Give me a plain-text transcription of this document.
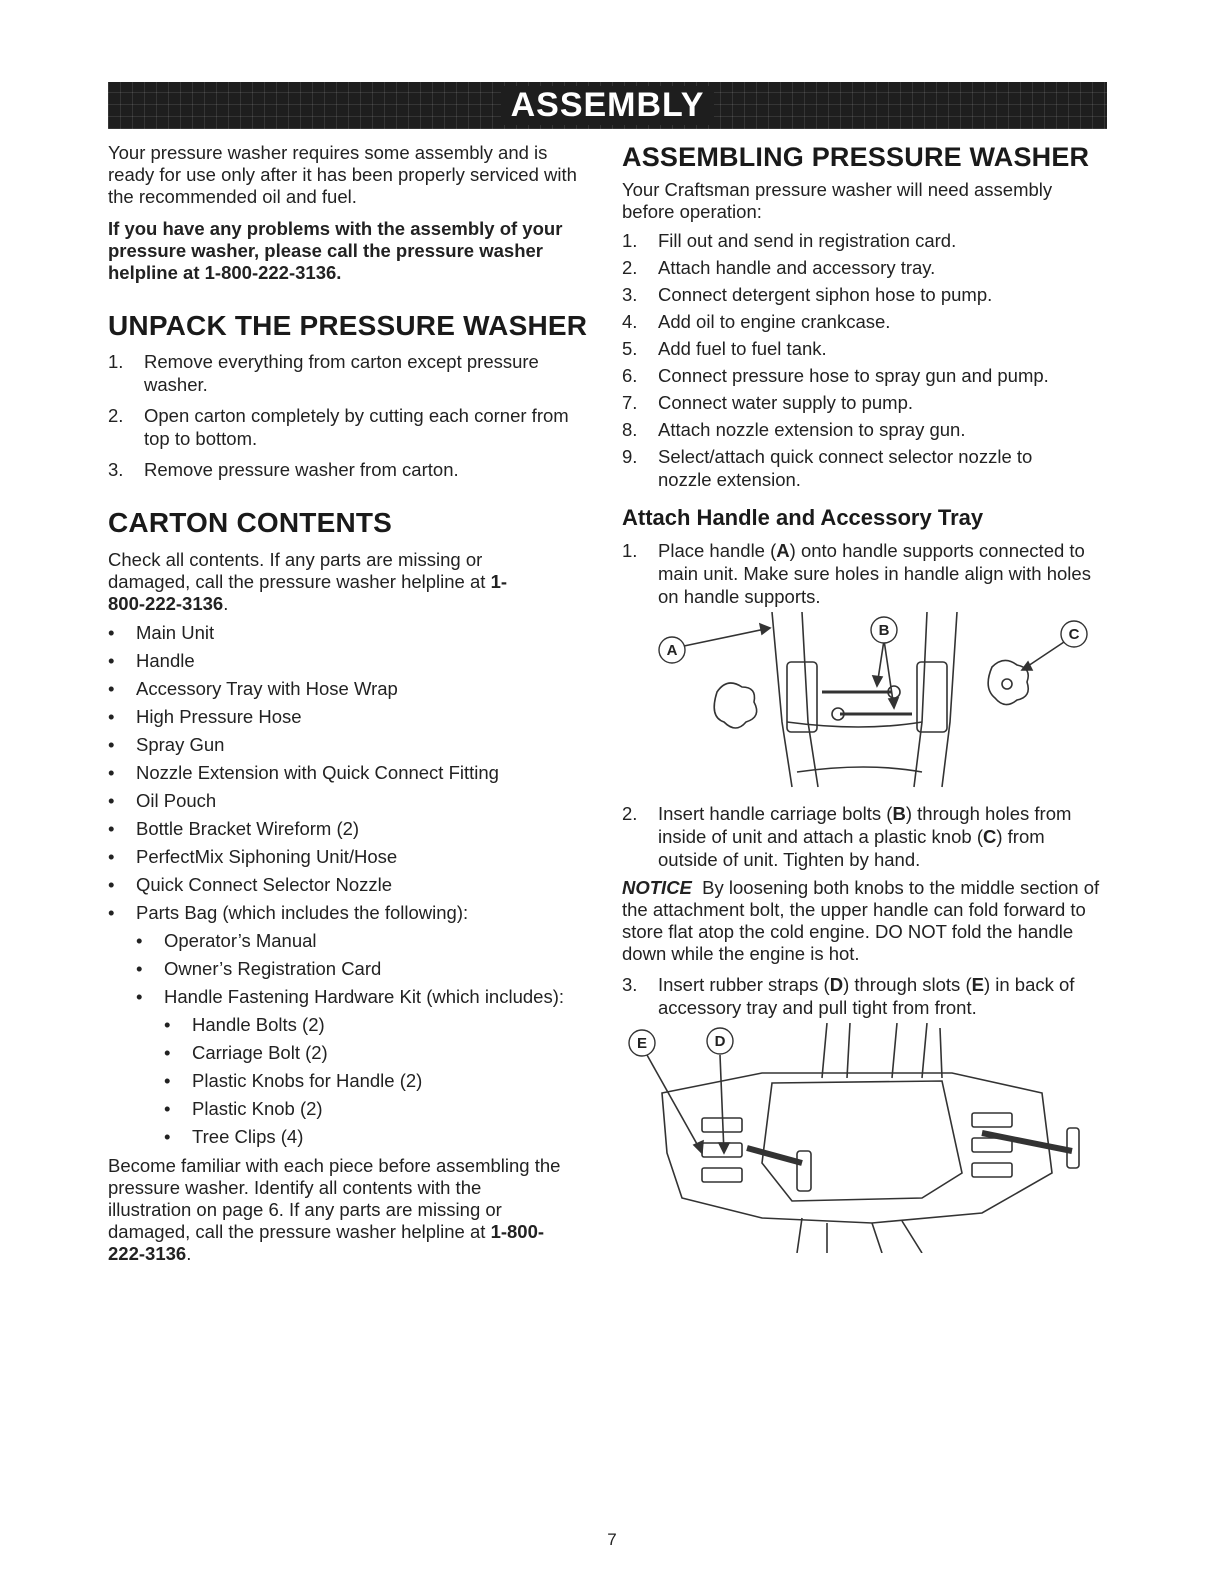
ASSEMBLY

Your pressure washer requires some assembly and is ready for use only after it has been properly serviced with the recommended oil and fuel.

If you have any problems with the assembly of your pressure washer, please call the pressure washer helpline at 1-800-222-3136.

UNPACK THE PRESSURE WASHER
1. Remove everything from carton except pressure washer.
2. Open carton completely by cutting each corner from top to bottom.
3. Remove pressure washer from carton.
CARTON CONTENTS

Check all contents. If any parts are missing or damaged, call the pressure washer helpline at 1-800-222-3136.

• Main Unit
• Handle
• Accessory Tray with Hose Wrap
• High Pressure Hose
• Spray Gun
• Nozzle Extension with Quick Connect Fitting
• Oil Pouch
• Bottle Bracket Wireform (2)
• PerfectMix Siphoning Unit/Hose
• Quick Connect Selector Nozzle
• Parts Bag (which includes the following):
• Operator’s Manual
• Owner’s Registration Card
• Handle Fastening Hardware Kit (which includes):
• Handle Bolts (2)
• Carriage Bolt (2)
• Plastic Knobs for Handle (2)
• Plastic Knob (2)
• Tree Clips (4)

Become familiar with each piece before assembling the pressure washer. Identify all contents with the illustration on page 6. If any parts are missing or damaged, call the pressure washer helpline at 1-800-222-3136.

ASSEMBLING PRESSURE WASHER

Your Craftsman pressure washer will need assembly before operation:

1. Fill out and send in registration card.
2. Attach handle and accessory tray.
3. Connect detergent siphon hose to pump.
4. Add oil to engine crankcase.
5. Add fuel to fuel tank.
6. Connect pressure hose to spray gun and pump.
7. Connect water supply to pump.
8. Attach nozzle extension to spray gun.
9. Select/attach quick connect selector nozzle to nozzle extension.
Attach Handle and Accessory Tray
1. Place handle (A) onto handle supports connected to main unit. Make sure holes in handle align with holes on handle supports.
A
B	C
2. Insert handle carriage bolts (B) through holes from inside of unit and attach a plastic knob (C) from outside of unit. Tighten by hand.

NOTICE By loosening both knobs to the middle section of the attachment bolt, the upper handle can fold forward to store flat atop the cold engine. DO NOT fold the handle down while the engine is hot.

3. Insert rubber straps (D) through slots (E) in back of accessory tray and pull tight from front.
E	D
7
